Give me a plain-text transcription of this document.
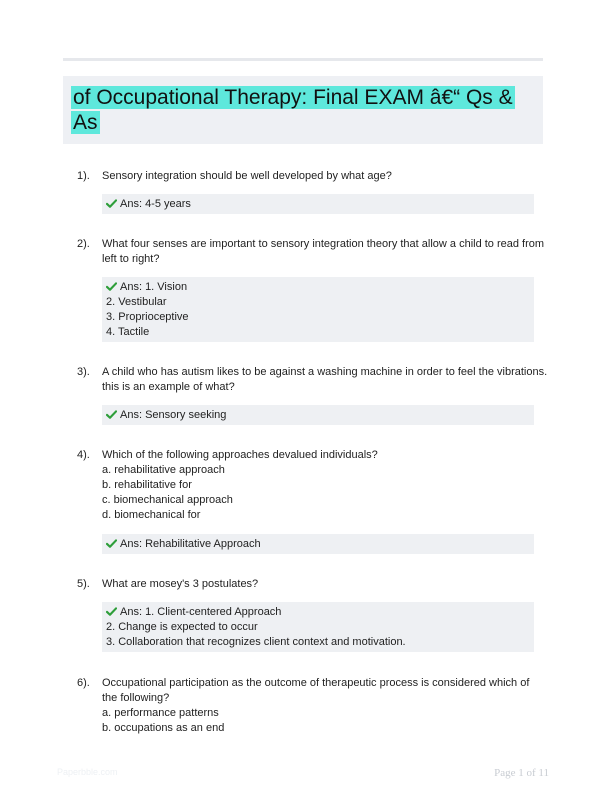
of Occupational Therapy: Final EXAM â€“ Qs & As
1). Sensory integration should be well developed by what age?
Ans: 4-5 years
2). What four senses are important to sensory integration theory that allow a child to read from
left to right?
Ans: 1. Vision
2. Vestibular
3. Proprioceptive
4. Tactile
3). A child who has autism likes to be against a washing machine in order to feel the vibrations.
this is an example of what?
Ans: Sensory seeking
4). Which of the following approaches devalued individuals?
a. rehabilitative approach
b. rehabilitative for
c. biomechanical approach
d. biomechanical for
Ans: Rehabilitative Approach
5). What are mosey's 3 postulates?
Ans: 1. Client-centered Approach
2. Change is expected to occur
3. Collaboration that recognizes client context and motivation.
6). Occupational participation as the outcome of therapeutic process is considered which of
the following?
a. performance patterns
b. occupations as an end
Paperbble.com	Page 1 of 11
